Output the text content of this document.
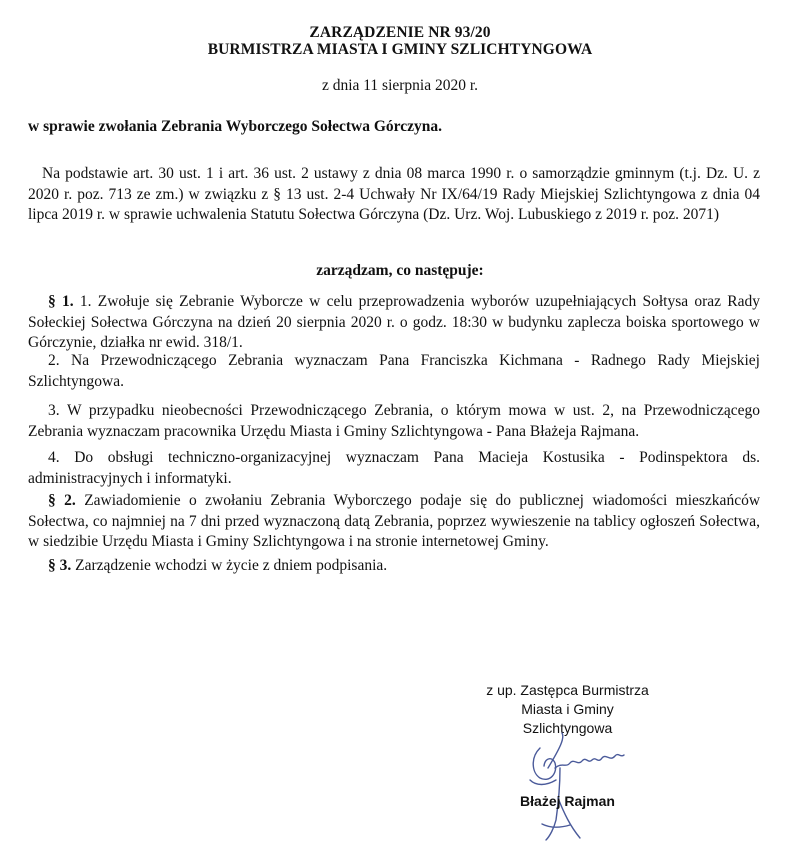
ZARZĄDZENIE NR 93/20
BURMISTRZA MIASTA I GMINY SZLICHTYNGOWA
z dnia 11 sierpnia 2020 r.
w sprawie zwołania Zebrania Wyborczego Sołectwa Górczyna.
Na podstawie art. 30 ust. 1 i art. 36 ust. 2 ustawy z dnia 08 marca 1990 r. o samorządzie gminnym (t.j. Dz. U. z 2020 r. poz. 713 ze zm.) w związku z § 13 ust. 2-4 Uchwały Nr IX/64/19 Rady Miejskiej Szlichtyngowa z dnia 04 lipca 2019 r. w sprawie uchwalenia Statutu Sołectwa Górczyna (Dz. Urz. Woj. Lubuskiego z 2019 r. poz. 2071)
zarządzam, co następuje:
§ 1. 1. Zwołuje się Zebranie Wyborcze w celu przeprowadzenia wyborów uzupełniających Sołtysa oraz Rady Sołeckiej Sołectwa Górczyna na dzień 20 sierpnia 2020 r. o godz. 18:30 w budynku zaplecza boiska sportowego w Górczynie, działka nr ewid. 318/1.
2. Na Przewodniczącego Zebrania wyznaczam Pana Franciszka Kichmana - Radnego Rady Miejskiej Szlichtyngowa.
3. W przypadku nieobecności Przewodniczącego Zebrania, o którym mowa w ust. 2, na Przewodniczącego Zebrania wyznaczam pracownika Urzędu Miasta i Gminy Szlichtyngowa - Pana Błażeja Rajmana.
4. Do obsługi techniczno-organizacyjnej wyznaczam Pana Macieja Kostusika - Podinspektora ds. administracyjnych i informatyki.
§ 2. Zawiadomienie o zwołaniu Zebrania Wyborczego podaje się do publicznej wiadomości mieszkańców Sołectwa, co najmniej na 7 dni przed wyznaczoną datą Zebrania, poprzez wywieszenie na tablicy ogłoszeń Sołectwa, w siedzibie Urzędu Miasta i Gminy Szlichtyngowa i na stronie internetowej Gminy.
§ 3. Zarządzenie wchodzi w życie z dniem podpisania.
z up. Zastępca Burmistrza
Miasta i Gminy
Szlichtyngowa
Błażej Rajman
